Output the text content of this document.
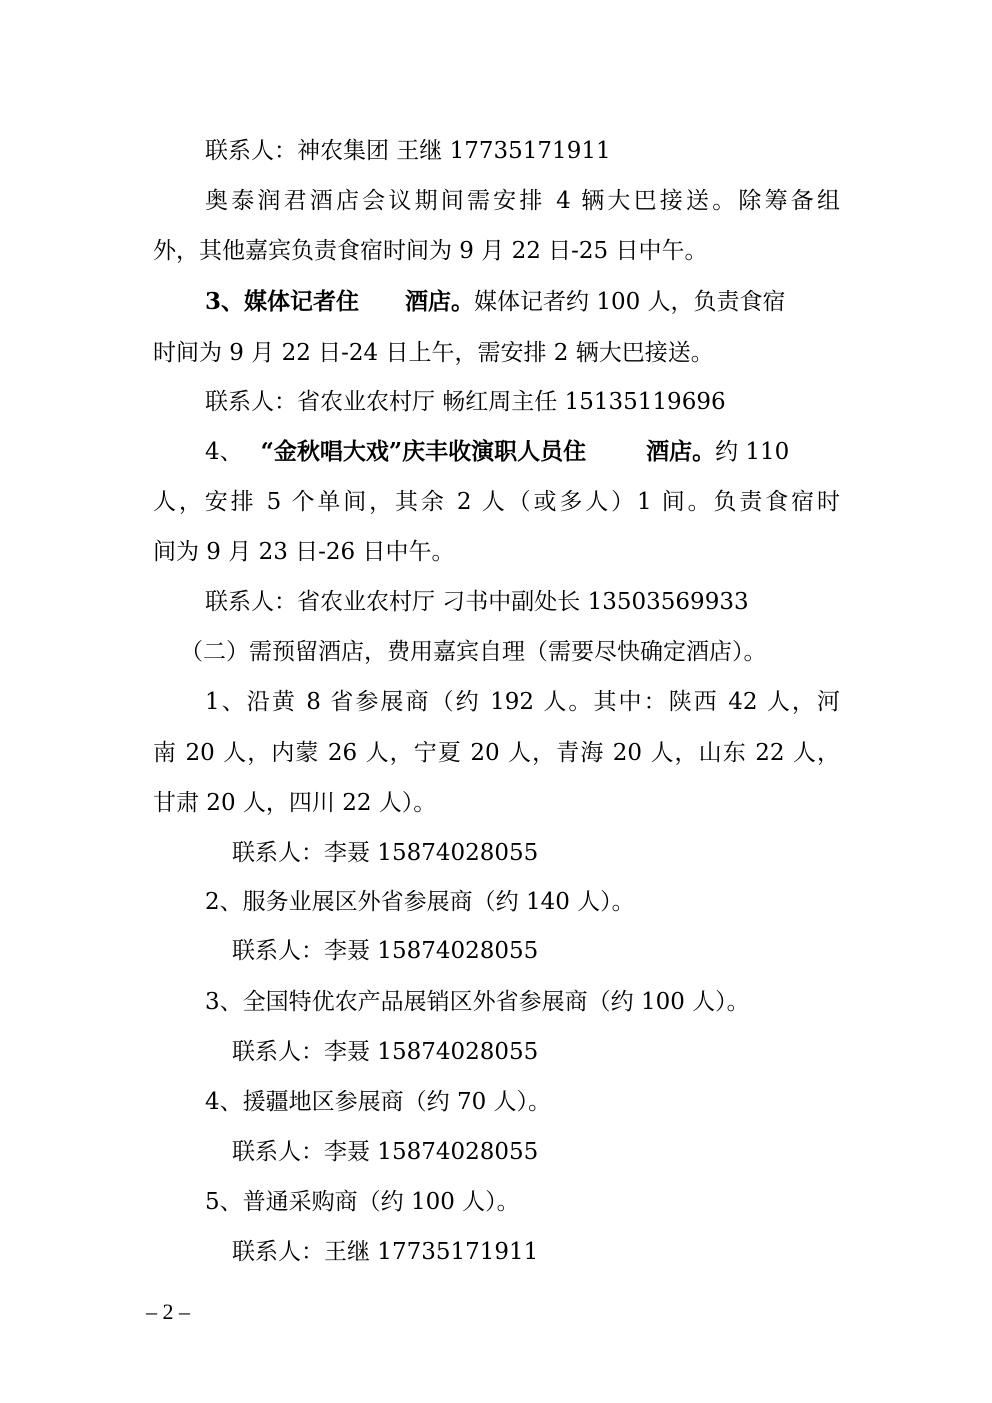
联系人：神农集团 王继 17735171911
奥泰润君酒店会议期间需安排 4 辆大巴接送。除筹备组
外，其他嘉宾负责食宿时间为 9 月 22 日-25 日中午。
3、媒体记者住 酒店。媒体记者约 100 人，负责食宿
时间为 9 月 22 日-24 日上午，需安排 2 辆大巴接送。
联系人：省农业农村厅 畅红周主任 15135119696
4、 “金秋唱大戏”庆丰收演职人员住	酒店。约 110
人，安排 5 个单间，其余 2 人（或多人）1 间。负责食宿时
间为 9 月 23 日-26 日中午。
联系人：省农业农村厅 刁书中副处长 13503569933
（二）需预留酒店，费用嘉宾自理（需要尽快确定酒店）。
1、沿黄 8 省参展商（约 192 人。其中：陕西 42 人，河
南 20 人，内蒙 26 人，宁夏 20 人，青海 20 人，山东 22 人，
甘肃 20 人，四川 22 人）。
联系人：李聂 15874028055
2、服务业展区外省参展商（约 140 人）。
联系人：李聂 15874028055
3、全国特优农产品展销区外省参展商（约 100 人）。
联系人：李聂 15874028055
4、援疆地区参展商（约 70 人）。
联系人：李聂 15874028055
5、普通采购商（约 100 人）。
联系人：王继 17735171911
– 2 –
